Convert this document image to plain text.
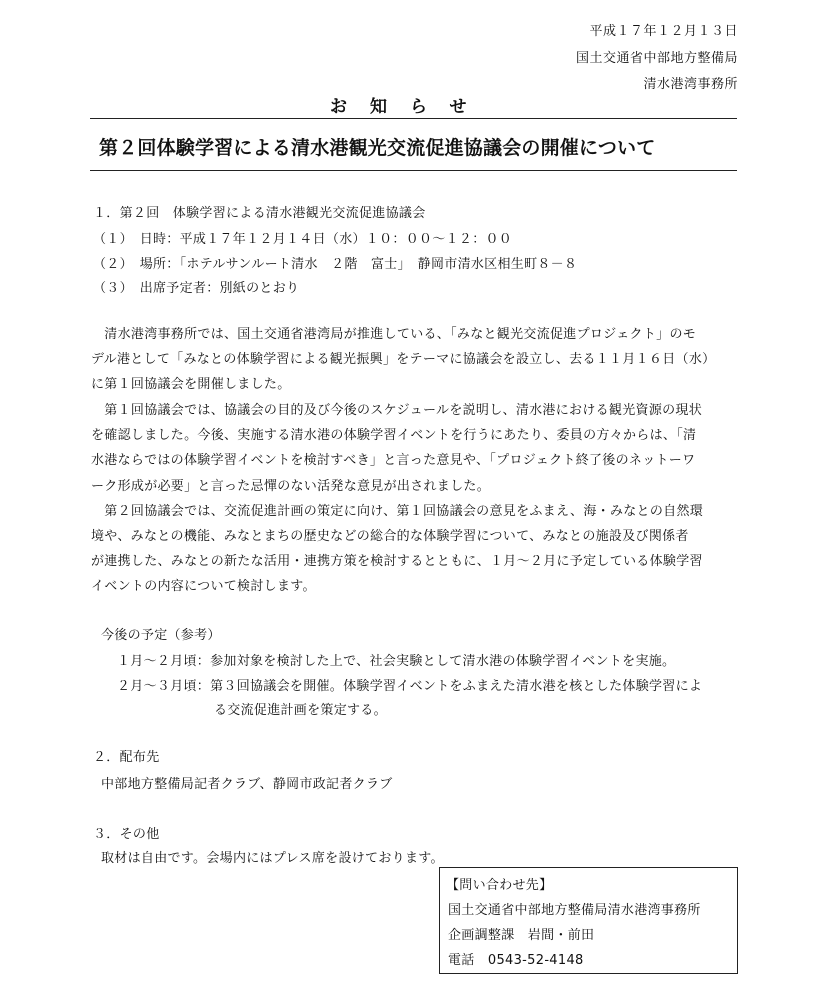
平成１７年１２月１３日
国土交通省中部地方整備局
清水港湾事務所
お知らせ
第２回体験学習による清水港観光交流促進協議会の開催について
１．第２回　体験学習による清水港観光交流促進協議会
（１）　日時：平成１７年１２月１４日（水）１０：００～１２：００
（２）　場所：「ホテルサンルート清水　２階　富士」　静岡市清水区相生町８－８
（３）　出席予定者：別紙のとおり
　清水港湾事務所では、国土交通省港湾局が推進している、「みなと観光交流促進プロジェクト」のモ
デル港として「みなとの体験学習による観光振興」をテーマに協議会を設立し、去る１１月１６日（水）
に第１回協議会を開催しました。
　第１回協議会では、協議会の目的及び今後のスケジュールを説明し、清水港における観光資源の現状
を確認しました。今後、実施する清水港の体験学習イベントを行うにあたり、委員の方々からは、「清
水港ならではの体験学習イベントを検討すべき」と言った意見や、「プロジェクト終了後のネットーワ
ーク形成が必要」と言った忌憚のない活発な意見が出されました。
　第２回協議会では、交流促進計画の策定に向け、第１回協議会の意見をふまえ、海・みなとの自然環
境や、みなとの機能、みなとまちの歴史などの総合的な体験学習について、みなとの施設及び関係者
が連携した、みなとの新たな活用・連携方策を検討するとともに、１月～２月に予定している体験学習
イベントの内容について検討します。
今後の予定（参考）
１月～２月頃：参加対象を検討した上で、社会実験として清水港の体験学習イベントを実施。
２月～３月頃：第３回協議会を開催。体験学習イベントをふまえた清水港を核とした体験学習によ
る交流促進計画を策定する。
２．配布先
中部地方整備局記者クラブ、静岡市政記者クラブ
３．その他
取材は自由です。会場内にはプレス席を設けております。
【問い合わせ先】
国土交通省中部地方整備局清水港湾事務所
企画調整課　岩間・前田
電話　0543-52-4148
